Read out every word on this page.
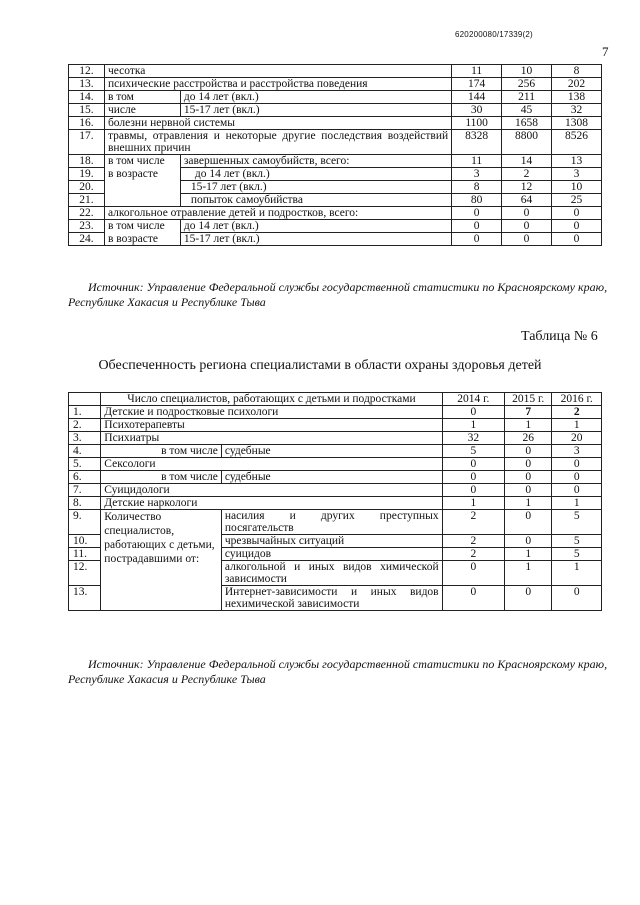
620200080/17339(2)
7
12.	чесотка		11	10	8
13.	психические расстройства и расстройства поведения		174	256	202
14.	в том	до 14 лет (вкл.)	144	211	138
15.	числе	15-17 лет (вкл.)	30	45	32
16.	болезни нервной системы		1100	1658	1308
17.	травмы, отравления и некоторые другие последствия воздействий внешних причин		8328	8800	8526
18.	в том числе	завершенных самоубийств, всего:	11	14	13
19.	в возрасте	до 14 лет (вкл.)	3	2	3
20.		15-17 лет (вкл.)	8	12	10
21.		попыток самоубийства	80	64	25
22.	алкогольное отравление детей и подростков, всего:		0	0	0
23.	в том числе	до 14 лет (вкл.)	0	0	0
24.	в возрасте	15-17 лет (вкл.)	0	0	0
Источник: Управление Федеральной службы государственной статистики по Красноярскому краю, Республике Хакасия и Республике Тыва
Таблица № 6
Обеспеченность региона специалистами в области охраны здоровья детей
	Число специалистов, работающих с детьми и подростками		2014 г.	2015 г.	2016 г.
1.	Детские и подростковые психологи		0	7	2
2.	Психотерапевты		1	1	1
3.	Психиатры		32	26	20
4.	в том числе	судебные	5	0	3
5.	Сексологи		0	0	0
6.	в том числе	судебные	0	0	0
7.	Суицидологи		0	0	0
8.	Детские наркологи		1	1	1
9.	Количество специалистов, работающих с детьми, пострадавшими от:	насилия и других преступных посягательств	2	0	5
10.		чрезвычайных ситуаций	2	0	5
11.		суицидов	2	1	5
12.		алкогольной и иных видов химической зависимости	0	1	1
13.		Интернет-зависимости и иных видов нехимической зависимости	0	0	0
Источник: Управление Федеральной службы государственной статистики по Красноярскому краю, Республике Хакасия и Республике Тыва
